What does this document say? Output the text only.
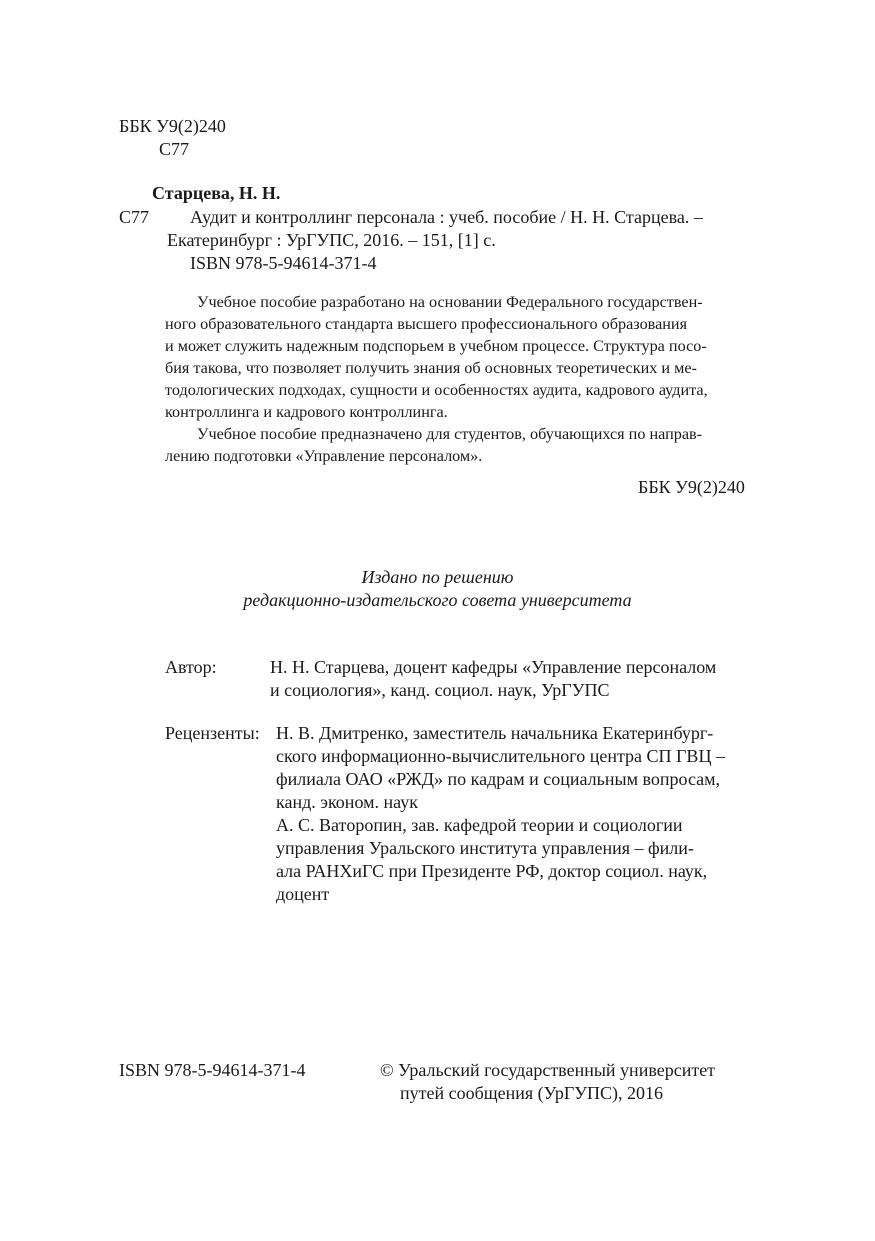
ББК У9(2)240
С77
Старцева, Н. Н.
С77 Аудит и контроллинг персонала : учеб. пособие / Н. Н. Старцева. –
Екатеринбург : УрГУПС, 2016. – 151, [1] с.
ISBN 978-5-94614-371-4
Учебное пособие разработано на основании Федерального государствен-
ного образовательного стандарта высшего профессионального образования
и может служить надежным подспорьем в учебном процессе. Структура посо-
бия такова, что позволяет получить знания об основных теоретических и ме-
тодологических подходах, сущности и особенностях аудита, кадрового аудита,
контроллинга и кадрового контроллинга.
Учебное пособие предназначено для студентов, обучающихся по направ-
лению подготовки «Управление персоналом».
ББК У9(2)240
Издано по решению
редакционно-издательского совета университета
Автор:	Н. Н. Старцева, доцент кафедры «Управление персоналом
и социология», канд. социол. наук, УрГУПС
Рецензенты: Н. В. Дмитренко, заместитель начальника Екатеринбург-
ского информационно-вычислительного центра СП ГВЦ –
филиала ОАО «РЖД» по кадрам и социальным вопросам,
канд. эконом. наук
А. С. Ватoропин, зав. кафедрой теории и социологии
управления Уральского института управления – фили-
ала РАНХиГС при Президенте РФ, доктор социол. наук,
доцент
ISBN 978-5-94614-371-4	© Уральский государственный университет
путей сообщения (УрГУПС), 2016
